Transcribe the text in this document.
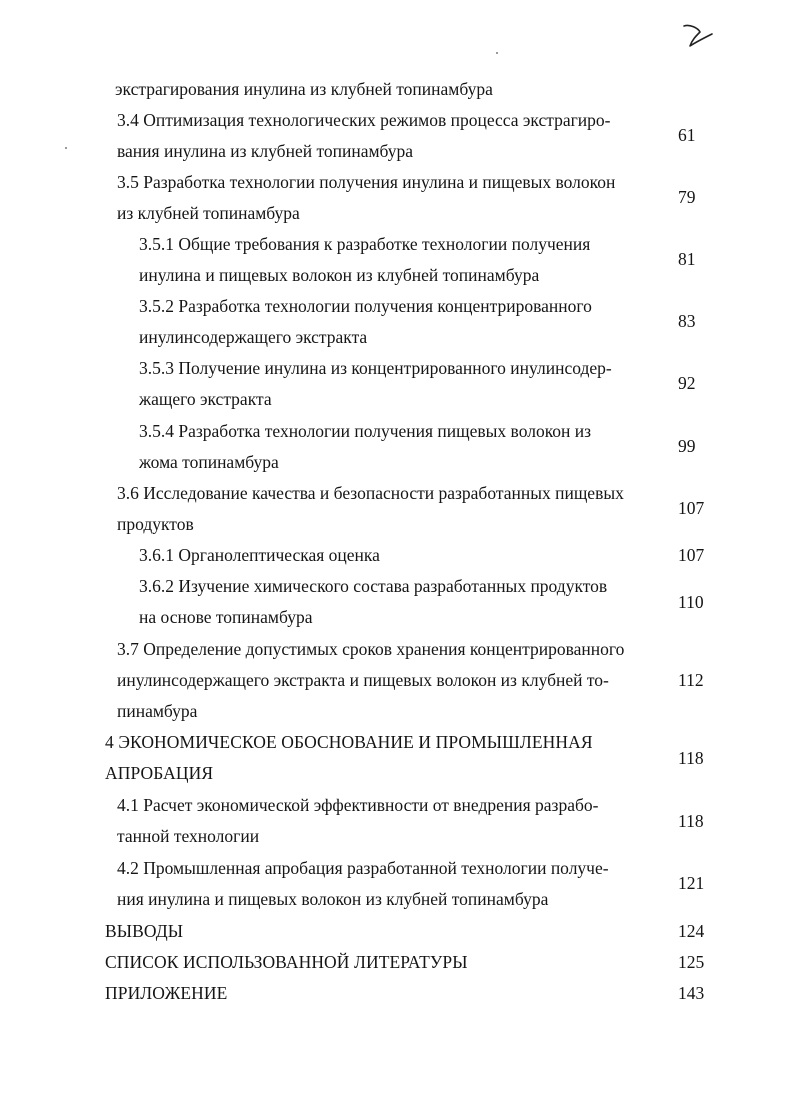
экстрагирования инулина из клубней топинамбура
3.4 Оптимизация технологических режимов процесса экстрагиро-
вания инулина из клубней топинамбура
61
3.5 Разработка технологии получения инулина и пищевых волокон
из клубней топинамбура
79
3.5.1 Общие требования к разработке технологии получения
инулина и пищевых волокон из клубней топинамбура
81
3.5.2 Разработка технологии получения концентрированного
инулинсодержащего экстракта
83
3.5.3 Получение инулина из концентрированного инулинсодер-
жащего экстракта
92
3.5.4 Разработка технологии получения пищевых волокон из
жома топинамбура
99
3.6 Исследование качества и безопасности разработанных пищевых
продуктов
107
3.6.1 Органолептическая оценка	107
3.6.2 Изучение химического состава разработанных продуктов
на основе топинамбура
110
3.7 Определение допустимых сроков хранения концентрированного
инулинсодержащего экстракта и пищевых волокон из клубней то-
пинамбура
112
4 ЭКОНОМИЧЕСКОЕ ОБОСНОВАНИЕ И ПРОМЫШЛЕННАЯ
АПРОБАЦИЯ
118
4.1 Расчет экономической эффективности от внедрения разрабо-
танной технологии
118
4.2 Промышленная апробация разработанной технологии получе-
ния инулина и пищевых волокон из клубней топинамбура
121
ВЫВОДЫ	124
СПИСОК ИСПОЛЬЗОВАННОЙ ЛИТЕРАТУРЫ	125
ПРИЛОЖЕНИЕ	143
